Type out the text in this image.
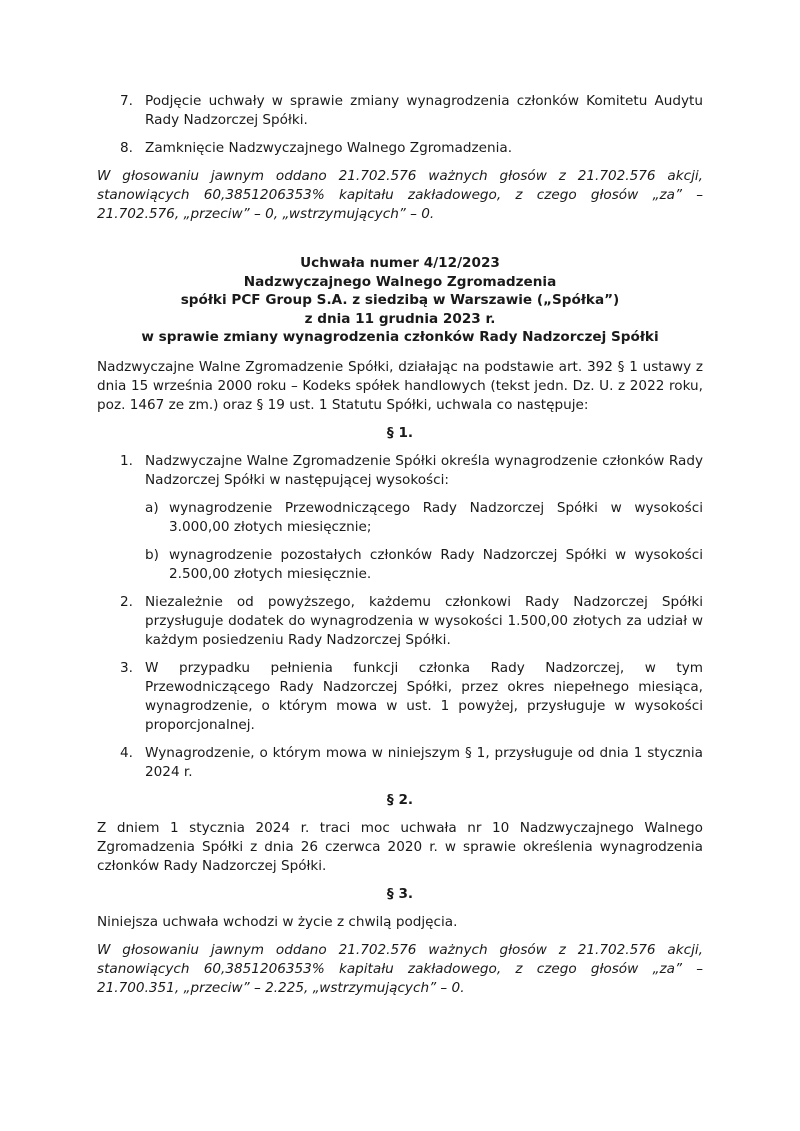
7. Podjęcie uchwały w sprawie zmiany wynagrodzenia członków Komitetu Audytu Rady Nadzorczej Spółki.
8. Zamknięcie Nadzwyczajnego Walnego Zgromadzenia.

W głosowaniu jawnym oddano 21.702.576 ważnych głosów z 21.702.576 akcji, stanowiących 60,3851206353% kapitału zakładowego, z czego głosów „za” – 21.702.576, „przeciw” – 0, „wstrzymujących” – 0.

Uchwała numer 4/12/2023
Nadzwyczajnego Walnego Zgromadzenia
spółki PCF Group S.A. z siedzibą w Warszawie („Spółka”)
z dnia 11 grudnia 2023 r.
w sprawie zmiany wynagrodzenia członków Rady Nadzorczej Spółki

Nadzwyczajne Walne Zgromadzenie Spółki, działając na podstawie art. 392 § 1 ustawy z dnia 15 września 2000 roku – Kodeks spółek handlowych (tekst jedn. Dz. U. z 2022 roku, poz. 1467 ze zm.) oraz § 19 ust. 1 Statutu Spółki, uchwala co następuje:

§ 1.
1. Nadzwyczajne Walne Zgromadzenie Spółki określa wynagrodzenie członków Rady Nadzorczej Spółki w następującej wysokości:
a) wynagrodzenie Przewodniczącego Rady Nadzorczej Spółki w wysokości 3.000,00 złotych miesięcznie;
b) wynagrodzenie pozostałych członków Rady Nadzorczej Spółki w wysokości 2.500,00 złotych miesięcznie.
2. Niezależnie od powyższego, każdemu członkowi Rady Nadzorczej Spółki przysługuje dodatek do wynagrodzenia w wysokości 1.500,00 złotych za udział w każdym posiedzeniu Rady Nadzorczej Spółki.
3. W przypadku pełnienia funkcji członka Rady Nadzorczej, w tym Przewodniczącego Rady Nadzorczej Spółki, przez okres niepełnego miesiąca, wynagrodzenie, o którym mowa w ust. 1 powyżej, przysługuje w wysokości proporcjonalnej.
4. Wynagrodzenie, o którym mowa w niniejszym § 1, przysługuje od dnia 1 stycznia 2024 r.
§ 2.

Z dniem 1 stycznia 2024 r. traci moc uchwała nr 10 Nadzwyczajnego Walnego Zgromadzenia Spółki z dnia 26 czerwca 2020 r. w sprawie określenia wynagrodzenia członków Rady Nadzorczej Spółki.

§ 3.

Niniejsza uchwała wchodzi w życie z chwilą podjęcia.

W głosowaniu jawnym oddano 21.702.576 ważnych głosów z 21.702.576 akcji, stanowiących 60,3851206353% kapitału zakładowego, z czego głosów „za” – 21.700.351, „przeciw” – 2.225, „wstrzymujących” – 0.
